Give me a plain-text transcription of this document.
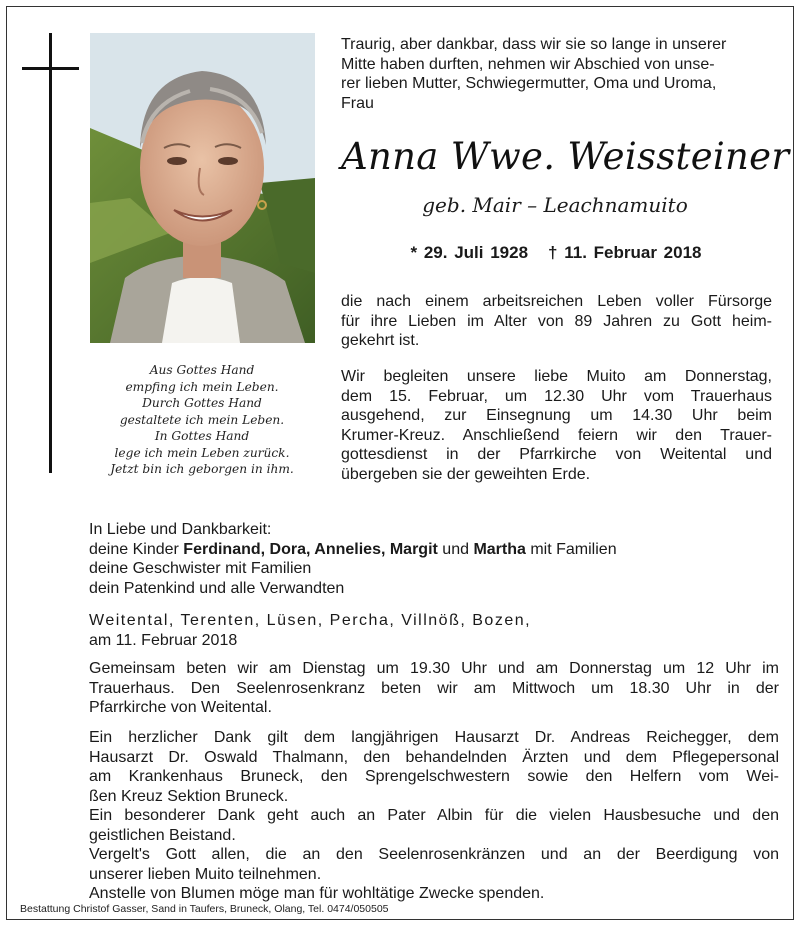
Aus Gottes Hand
empfing ich mein Leben.
Durch Gottes Hand
gestaltete ich mein Leben.
In Gottes Hand
lege ich mein Leben zurück.
Jetzt bin ich geborgen in ihm.
Traurig, aber dankbar, dass wir sie so lange in unserer
Mitte haben durften, nehmen wir Abschied von unse-
rer lieben Mutter, Schwiegermutter, Oma und Uroma,
Frau
Anna Wwe. Weissteiner
geb. Mair – Leachnamuito
* 29. Juli 1928 † 11. Februar 2018
die nach einem arbeitsreichen Leben voller Fürsorge
für ihre Lieben im Alter von 89 Jahren zu Gott heim-
gekehrt ist.
Wir begleiten unsere liebe Muito am Donnerstag,
dem 15. Februar, um 12.30 Uhr vom Trauerhaus
ausgehend, zur Einsegnung um 14.30 Uhr beim
Krumer-Kreuz. Anschließend feiern wir den Trauer-
gottesdienst in der Pfarrkirche von Weitental und
übergeben sie der geweihten Erde.
In Liebe und Dankbarkeit:
deine Kinder Ferdinand, Dora, Annelies, Margit und Martha mit Familien
deine Geschwister mit Familien
dein Patenkind und alle Verwandten
Weitental, Terenten, Lüsen, Percha, Villnöß, Bozen,
am 11. Februar 2018
Gemeinsam beten wir am Dienstag um 19.30 Uhr und am Donnerstag um 12 Uhr im
Trauerhaus. Den Seelenrosenkranz beten wir am Mittwoch um 18.30 Uhr in der
Pfarrkirche von Weitental.
Ein herzlicher Dank gilt dem langjährigen Hausarzt Dr. Andreas Reichegger, dem
Hausarzt Dr. Oswald Thalmann, den behandelnden Ärzten und dem Pflegepersonal
am Krankenhaus Bruneck, den Sprengelschwestern sowie den Helfern vom Wei-
ßen Kreuz Sektion Bruneck.
Ein besonderer Dank geht auch an Pater Albin für die vielen Hausbesuche und den
geistlichen Beistand.
Vergelt's Gott allen, die an den Seelenrosenkränzen und an der Beerdigung von
unserer lieben Muito teilnehmen.
Anstelle von Blumen möge man für wohltätige Zwecke spenden.
Bestattung Christof Gasser, Sand in Taufers, Bruneck, Olang, Tel. 0474/050505
